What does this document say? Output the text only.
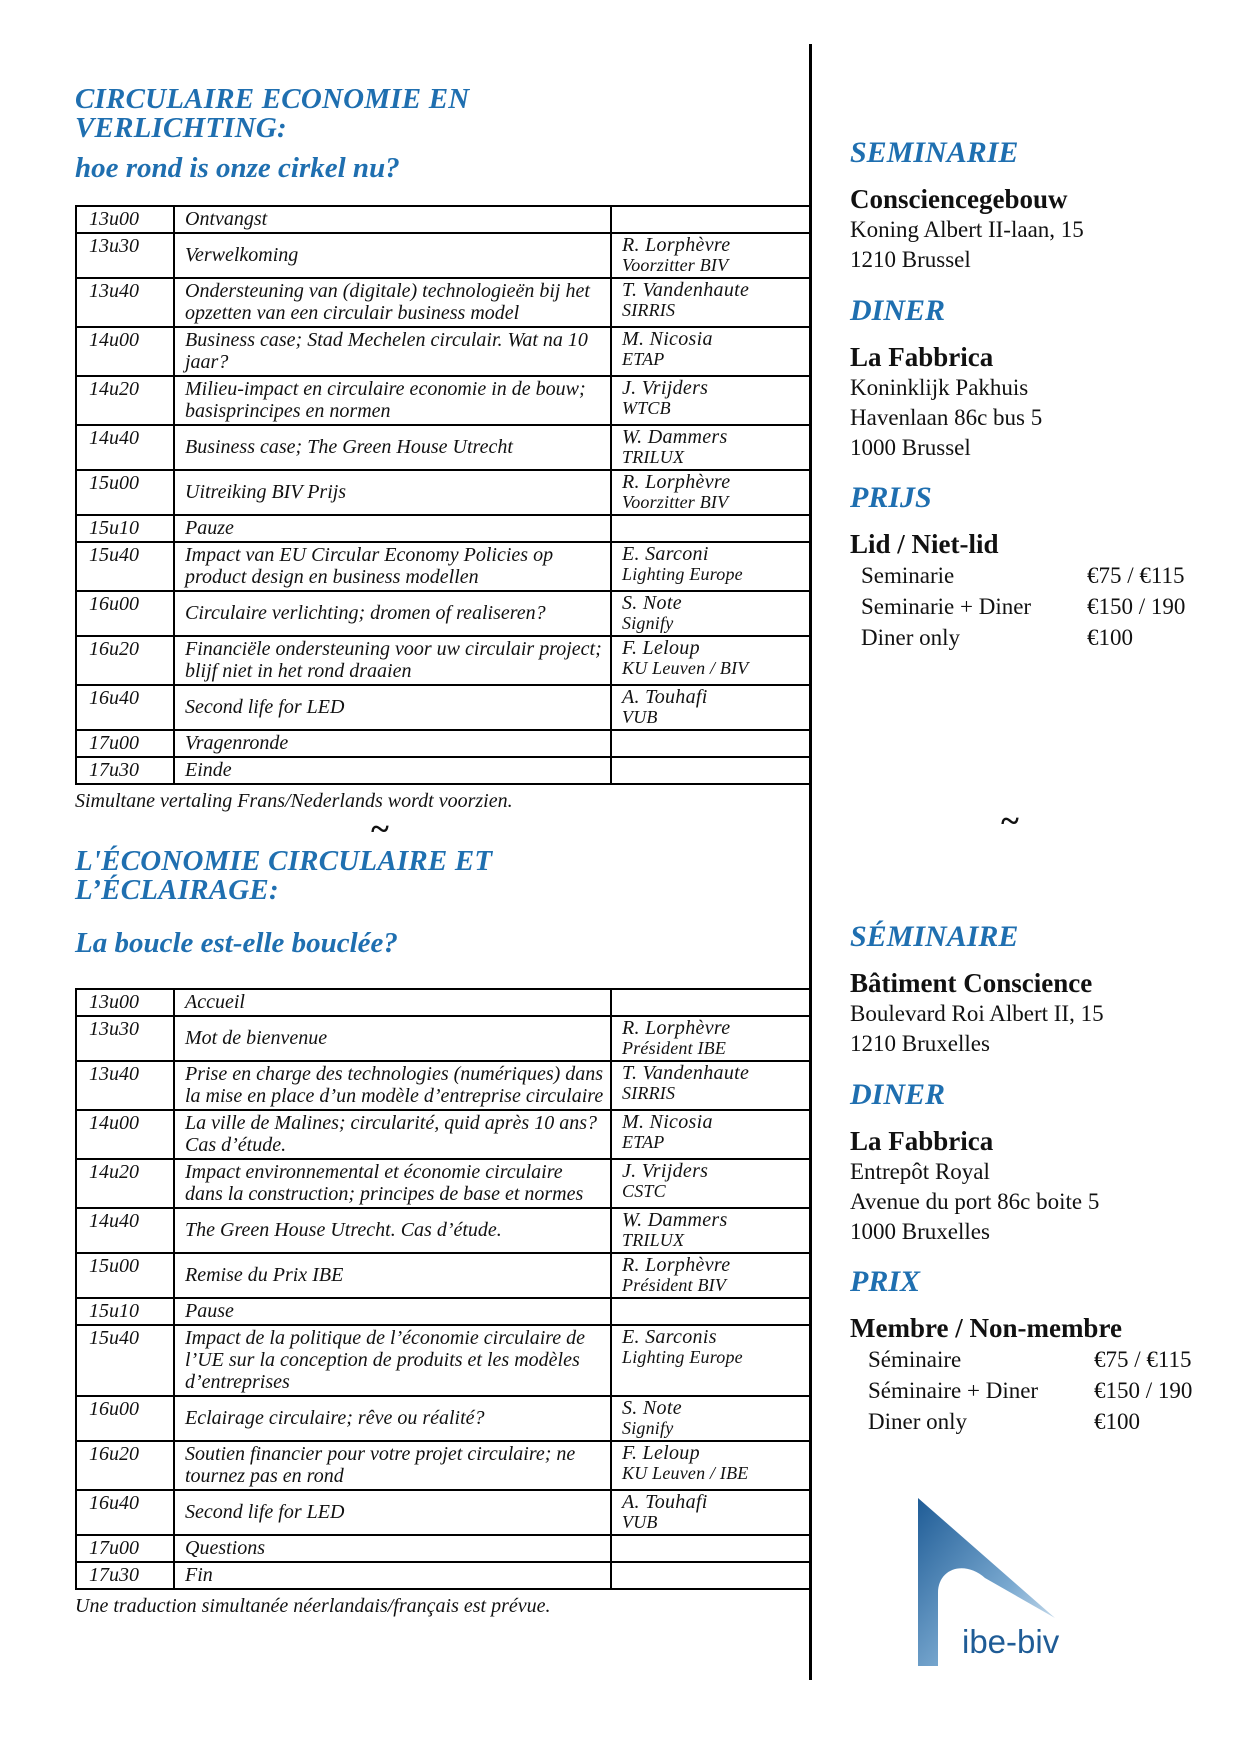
CIRCULAIRE ECONOMIE EN
VERLICHTING:
hoe rond is onze cirkel nu?
13u00	Ontvangst	

13u30	Verwelkoming	R. Lorphèvre
Voorzitter BIV

13u40	Ondersteuning van (digitale) technologieën bij het opzetten van een circulair business model	T. Vandenhaute
SIRRIS

14u00	Business case; Stad Mechelen circulair. Wat na 10 jaar?	M. Nicosia
ETAP

14u20	Milieu-impact en circulaire economie in de bouw; basisprincipes en normen	J. Vrijders
WTCB

14u40	Business case; The Green House Utrecht	W. Dammers
TRILUX

15u00	Uitreiking BIV Prijs	R. Lorphèvre
Voorzitter BIV

15u10	Pauze	

15u40	Impact van EU Circular Economy Policies op product design en business modellen	E. Sarconi
Lighting Europe

16u00	Circulaire verlichting; dromen of realiseren?	S. Note
Signify

16u20	Financiële ondersteuning voor uw circulair project; blijf niet in het rond draaien	F. Leloup
KU Leuven / BIV

16u40	Second life for LED	A. Touhafi
VUB

17u00	Vragenronde	

17u30	Einde	
Simultane vertaling Frans/Nederlands wordt voorzien.
~
L'ÉCONOMIE CIRCULAIRE ET
L’ÉCLAIRAGE:
La boucle est-elle bouclée?
13u00	Accueil	

13u30	Mot de bienvenue	R. Lorphèvre
Président IBE

13u40	Prise en charge des technologies (numériques) dans la mise en place d’un modèle d’entreprise circulaire	T. Vandenhaute
SIRRIS

14u00	La ville de Malines; circularité, quid après 10 ans? Cas d’étude.	M. Nicosia
ETAP

14u20	Impact environnemental et économie circulaire dans la construction; principes de base et normes	J. Vrijders
CSTC

14u40	The Green House Utrecht. Cas d’étude.	W. Dammers
TRILUX

15u00	Remise du Prix IBE	R. Lorphèvre
Président BIV

15u10	Pause	

15u40	Impact de la politique de l’économie circulaire de l’UE sur la conception de produits et les modèles d’entreprises	E. Sarconis
Lighting Europe

16u00	Eclairage circulaire; rêve ou réalité?	S. Note
Signify

16u20	Soutien financier pour votre projet circulaire; ne tournez pas en rond	F. Leloup
KU Leuven / IBE

16u40	Second life for LED	A. Touhafi
VUB

17u00	Questions	

17u30	Fin	
Une traduction simultanée néerlandais/français est prévue.
SEMINARIE
Consciencegebouw
Koning Albert II-laan, 15
1210 Brussel
DINER
La Fabbrica
Koninklijk Pakhuis
Havenlaan 86c bus 5
1000 Brussel
PRIJS
Lid / Niet-lid
Seminarie	€75 / €115
Seminarie + Diner	€150 / 190
Diner only	€100
~
SÉMINAIRE
Bâtiment Conscience
Boulevard Roi Albert II, 15
1210 Bruxelles
DINER
La Fabbrica
Entrepôt Royal
Avenue du port 86c boite 5
1000 Bruxelles
PRIX
Membre / Non-membre
Séminaire	€75 / €115
Séminaire + Diner	€150 / 190
Diner only	€100
ibe-biv
